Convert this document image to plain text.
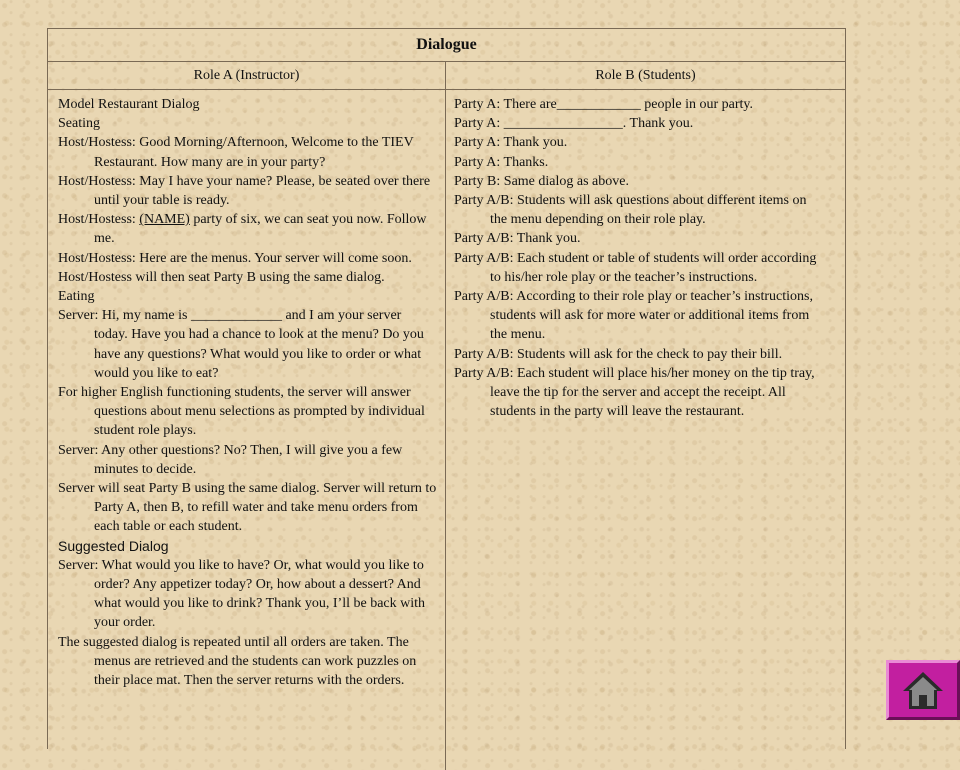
Dialogue
Role A (Instructor)	Role B (Students)

Model Restaurant Dialog

Seating

Host/Hostess: Good Morning/Afternoon, Welcome to the TIEV Restaurant. How many are in your party?

Host/Hostess: May I have your name? Please, be seated over there until your table is ready.

Host/Hostess: (NAME) party of six, we can seat you now. Follow me.

Host/Hostess: Here are the menus. Your server will come soon.

Host/Hostess will then seat Party B using the same dialog.

Eating

Server: Hi, my name is _____________ and I am your server today. Have you had a chance to look at the menu? Do you have any questions? What would you like to order or what would you like to eat?

For higher English functioning students, the server will answer questions about menu selections as prompted by individual student role plays.

Server: Any other questions? No? Then, I will give you a few minutes to decide.

Server will seat Party B using the same dialog. Server will return to Party A, then B, to refill water and take menu orders from each table or each student.

Suggested Dialog

Server: What would you like to have? Or, what would you like to order? Any appetizer today? Or, how about a dessert? And what would you like to drink? Thank you, I’ll be back with your order.

The suggested dialog is repeated until all orders are taken. The menus are retrieved and the students can work puzzles on their place mat. Then the server returns with the orders.

Party A: There are____________ people in our party.

Party A: _________________. Thank you.

Party A: Thank you.

Party A: Thanks.

Party B: Same dialog as above.

Party A/B: Students will ask questions about different items on the menu depending on their role play.

Party A/B: Thank you.

Party A/B: Each student or table of students will order according to his/her role play or the teacher’s instructions.

Party A/B: According to their role play or teacher’s instructions, students will ask for more water or additional items from the menu.

Party A/B: Students will ask for the check to pay their bill.

Party A/B: Each student will place his/her money on the tip tray, leave the tip for the server and accept the receipt. All students in the party will leave the restaurant.
